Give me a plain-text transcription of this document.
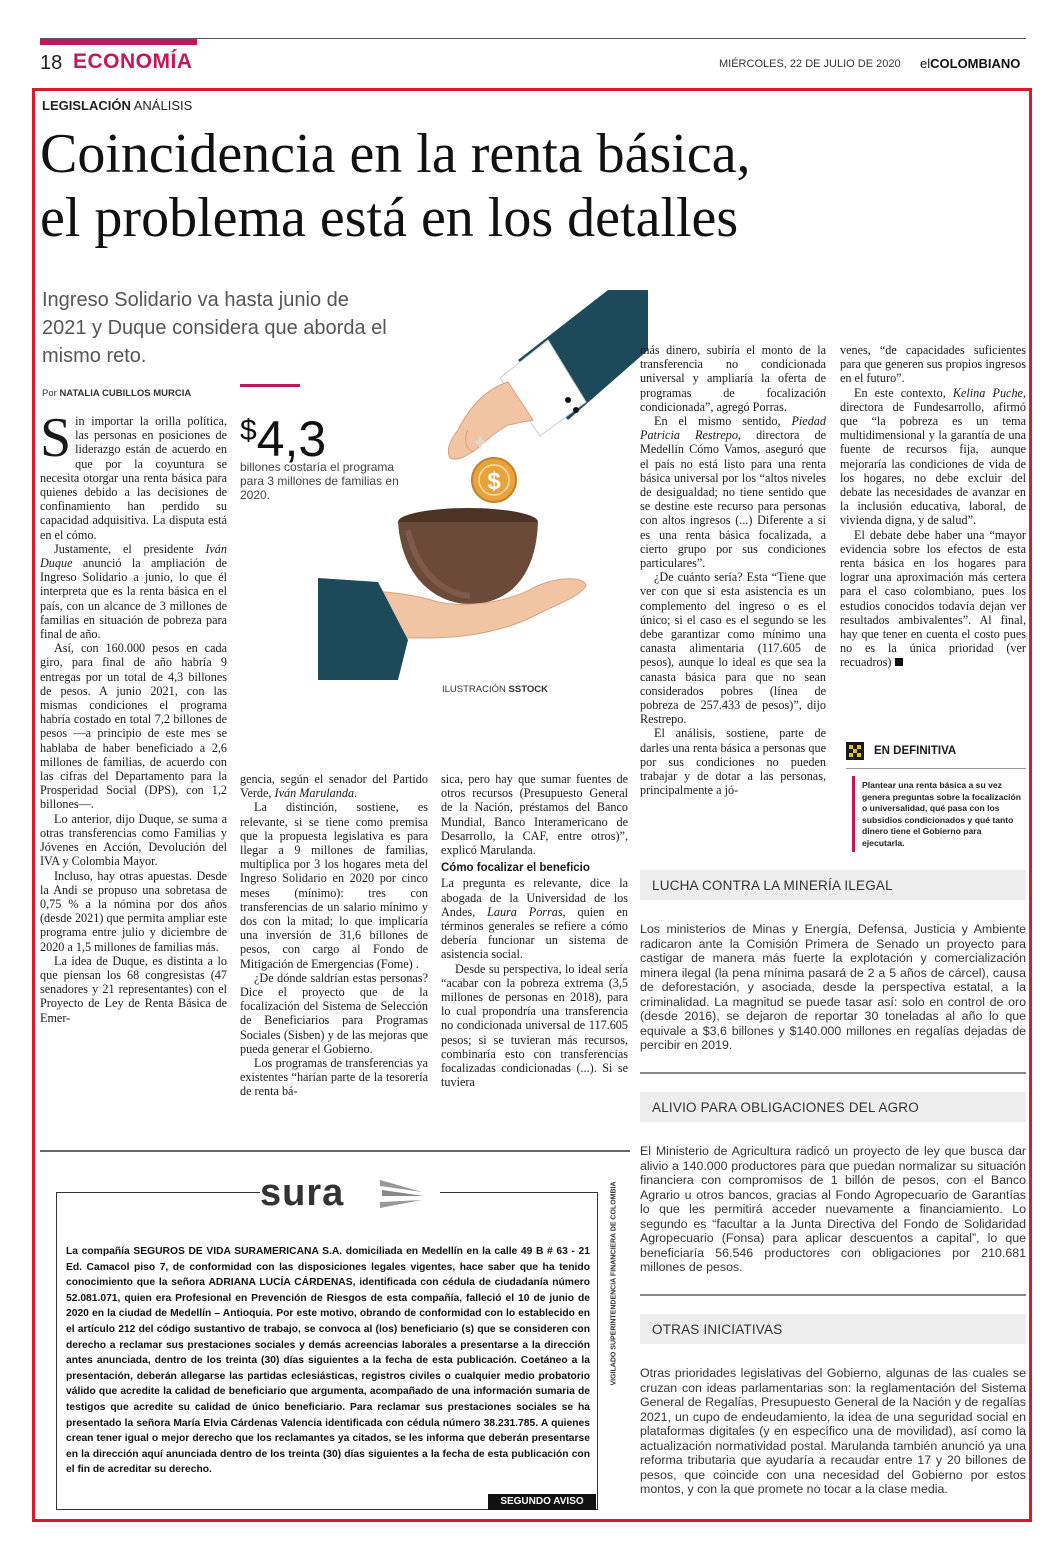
18 ECONOMÍA	MIÉRCOLES, 22 DE JULIO DE 2020 elCOLOMBIANO
LEGISLACIÓN ANÁLISIS
Coincidencia en la renta básica,
el problema está en los detalles
Ingreso Solidario va hasta junio de 2021 y Duque considera que aborda el mismo reto.
Por NATALIA CUBILLOS MURCIA
$4,3
billones costaría el programa para 3 millones de familias en 2020.	$
ILUSTRACIÓN SSTOCK

Sin importar la orilla política, las personas en posiciones de liderazgo están de acuerdo en que por la coyuntura se necesita otorgar una renta básica para quienes debido a las decisiones de confinamiento han perdido su capacidad adquisitiva. La disputa está en el cómo.

Justamente, el presidente Iván Duque anunció la ampliación de Ingreso Solidario a junio, lo que él interpreta que es la renta básica en el país, con un alcance de 3 millones de familias en situación de pobreza para final de año.

Así, con 160.000 pesos en cada giro, para final de año habría 9 entregas por un total de 4,3 billones de pesos. A junio 2021, con las mismas condiciones el programa habría costado en total 7,2 billones de pesos —a principio de este mes se hablaba de haber beneficiado a 2,6 millones de familias, de acuerdo con las cifras del Departamento para la Prosperidad Social (DPS), con 1,2 billones—.

Lo anterior, dijo Duque, se suma a otras transferencias como Familias y Jóvenes en Acción, Devolución del IVA y Colombia Mayor.

Incluso, hay otras apuestas. Desde la Andi se propuso una sobretasa de 0,75 % a la nómina por dos años (desde 2021) que permita ampliar este programa entre julio y diciembre de 2020 a 1,5 millones de familias más.

La idea de Duque, es distinta a lo que piensan los 68 congresistas (47 senadores y 21 representantes) con el Proyecto de Ley de Renta Básica de Emer-

gencia, según el senador del Partido Verde, Iván Marulanda.

La distinción, sostiene, es relevante, si se tiene como premisa que la propuesta legislativa es para llegar a 9 millones de familias, multiplica por 3 los hogares meta del Ingreso Solidario en 2020 por cinco meses (mínimo): tres con transferencias de un salario mínimo y dos con la mitad; lo que implicaría una inversión de 31,6 billones de pesos, con cargo al Fondo de Mitigación de Emergencias (Fome) .

¿De dónde saldrían estas personas? Dice el proyecto que de la focalización del Sistema de Selección de Beneficiarios para Programas Sociales (Sisben) y de las mejoras que pueda generar el Gobierno.

Los programas de transferencias ya existentes “harían parte de la tesorería de renta bá-

sica, pero hay que sumar fuentes de otros recursos (Presupuesto General de la Nación, préstamos del Banco Mundial, Banco Interamericano de Desarrollo, la CAF, entre otros)”, explicó Marulanda.

Cómo focalizar el beneficio

La pregunta es relevante, dice la abogada de la Universidad de los Andes, Laura Porras, quien en términos generales se refiere a cómo debería funcionar un sistema de asistencia social.

Desde su perspectiva, lo ideal sería “acabar con la pobreza extrema (3,5 millones de personas en 2018), para lo cual propondría una transferencia no condicionada universal de 117.605 pesos; si se tuvieran más recursos, combinaría esto con transferencias focalizadas condicionadas (...). Si se tuviera

más dinero, subiría el monto de la transferencia no condicionada universal y ampliaría la oferta de programas de focalización condicionada”, agregó Porras.

En el mismo sentido, Piedad Patricia Restrepo, directora de Medellín Cómo Vamos, aseguró que el país no está listo para una renta básica universal por los “altos niveles de desigualdad; no tiene sentido que se destine este recurso para personas con altos ingresos (...) Diferente a si es una renta básica focalizada, a cierto grupo por sus condiciones particulares”.

¿De cuánto sería? Esta “Tiene que ver con que si esta asistencia es un complemento del ingreso o es el único; si el caso es el segundo se les debe garantizar como mínimo una canasta alimentaria (117.605 de pesos), aunque lo ideal es que sea la canasta básica para que no sean considerados pobres (línea de pobreza de 257.433 de pesos)”, dijo Restrepo.

El análisis, sostiene, parte de darles una renta básica a personas que por sus condiciones no pueden trabajar y de dotar a las personas, principalmente a jó-

venes, “de capacidades suficientes para que generen sus propios ingresos en el futuro”.

En este contexto, Kelina Puche, directora de Fundesarrollo, afirmó que “la pobreza es un tema multidimensional y la garantía de una fuente de recursos fija, aunque mejoraría las condiciones de vida de los hogares, no debe excluir del debate las necesidades de avanzar en la inclusión educativa, laboral, de vivienda digna, y de salud”.

El debate debe haber una “mayor evidencia sobre los efectos de esta renta básica en los hogares para lograr una aproximación más certera para el caso colombiano, pues los estudios conocidos todavía dejan ver resultados ambivalentes”. Al final, hay que tener en cuenta el costo pues no es la única prioridad (ver recuadros)

EN DEFINITIVA
Plantear una renta básica a su vez genera preguntas sobre la focalización o universalidad, qué pasa con los subsidios condicionados y qué tanto dinero tiene el Gobierno para ejecutarla.
LUCHA CONTRA LA MINERÍA ILEGAL
Los ministerios de Minas y Energía, Defensa, Justicia y Ambiente radicaron ante la Comisión Primera de Senado un proyecto para castigar de manera más fuerte la explotación y comercialización minera ilegal (la pena mínima pasará de 2 a 5 años de cárcel), causa de deforestación, y asociada, desde la perspectiva estatal, a la criminalidad. La magnitud se puede tasar así: solo en control de oro (desde 2016), se dejaron de reportar 30 toneladas al año lo que equivale a $3,6 billones y $140.000 millones en regalías dejadas de percibir en 2019.
ALIVIO PARA OBLIGACIONES DEL AGRO
El Ministerio de Agricultura radicó un proyecto de ley que busca dar alivio a 140.000 productores para que puedan normalizar su situación financiera con compromisos de 1 billón de pesos, con el Banco Agrario u otros bancos, gracias al Fondo Agropecuario de Garantías lo que les permitirá acceder nuevamente a financiamiento. Lo segundo es “facultar a la Junta Directiva del Fondo de Solidaridad Agropecuario (Fonsa) para aplicar descuentos a capital”, lo que beneficiaría 56.546 productores con obligaciones por 210.681 millones de pesos.
OTRAS INICIATIVAS
Otras prioridades legislativas del Gobierno, algunas de las cuales se cruzan con ideas parlamentarias son: la reglamentación del Sistema General de Regalías, Presupuesto General de la Nación y de regalías 2021, un cupo de endeudamiento, la idea de una seguridad social en plataformas digitales (y en específico una de movilidad), así como la actualización normatividad postal. Marulanda también anunció ya una reforma tributaria que ayudaría a recaudar entre 17 y 20 billones de pesos, que coincide con una necesidad del Gobierno por estos montos, y con la que promete no tocar a la clase media.
sura
La compañía SEGUROS DE VIDA SURAMERICANA S.A. domiciliada en Medellín en la calle 49 B # 63 - 21 Ed. Camacol piso 7, de conformidad con las disposiciones legales vigentes, hace saber que ha tenido conocimiento que la señora ADRIANA LUCÍA CÁRDENAS, identificada con cédula de ciudadanía número 52.081.071, quien era Profesional en Prevención de Riesgos de esta compañía, falleció el 10 de junio de 2020 en la ciudad de Medellín – Antioquia. Por este motivo, obrando de conformidad con lo establecido en el artículo 212 del código sustantivo de trabajo, se convoca al (los) beneficiario (s) que se consideren con derecho a reclamar sus prestaciones sociales y demás acreencias laborales a presentarse a la dirección antes anunciada, dentro de los treinta (30) días siguientes a la fecha de esta publicación. Coetáneo a la presentación, deberán allegarse las partidas eclesiásticas, registros civiles o cualquier medio probatorio válido que acredite la calidad de beneficiario que argumenta, acompañado de una información sumaria de testigos que acredite su calidad de único beneficiario. Para reclamar sus prestaciones sociales se ha presentado la señora María Elvia Cárdenas Valencia identificada con cédula número 38.231.785. A quienes crean tener igual o mejor derecho que los reclamantes ya citados, se les informa que deberán presentarse en la dirección aquí anunciada dentro de los treinta (30) días siguientes a la fecha de esta publicación con el fin de acreditar su derecho.
SEGUNDO AVISO
VIGILADO SUPERINTENDENCIA FINANCIERA DE COLOMBIA
